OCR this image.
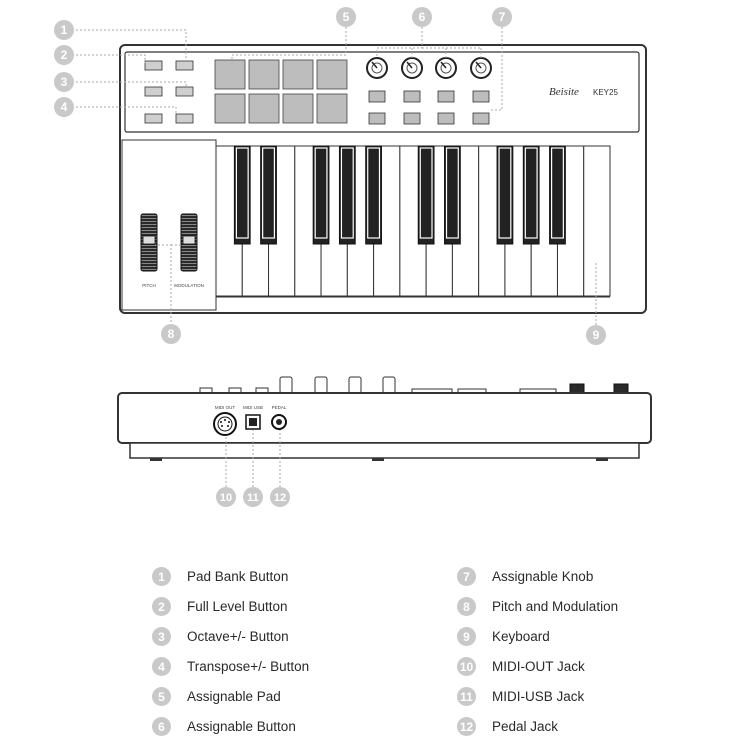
Beisite KEY25
PITCH	MODULATION
MIDI OUT MIDI USB PEDAL
1
2
3
4
5	6	7
8	9
10 11 12
1	Pad Bank Button
2	Full Level Button
3	Octave+/- Button
4	Transpose+/- Button
5	Assignable Pad
6	Assignable Button
7	Assignable Knob
8	Pitch and Modulation
9	Keyboard
10 MIDI-OUT Jack
11 MIDI-USB Jack
12 Pedal Jack
